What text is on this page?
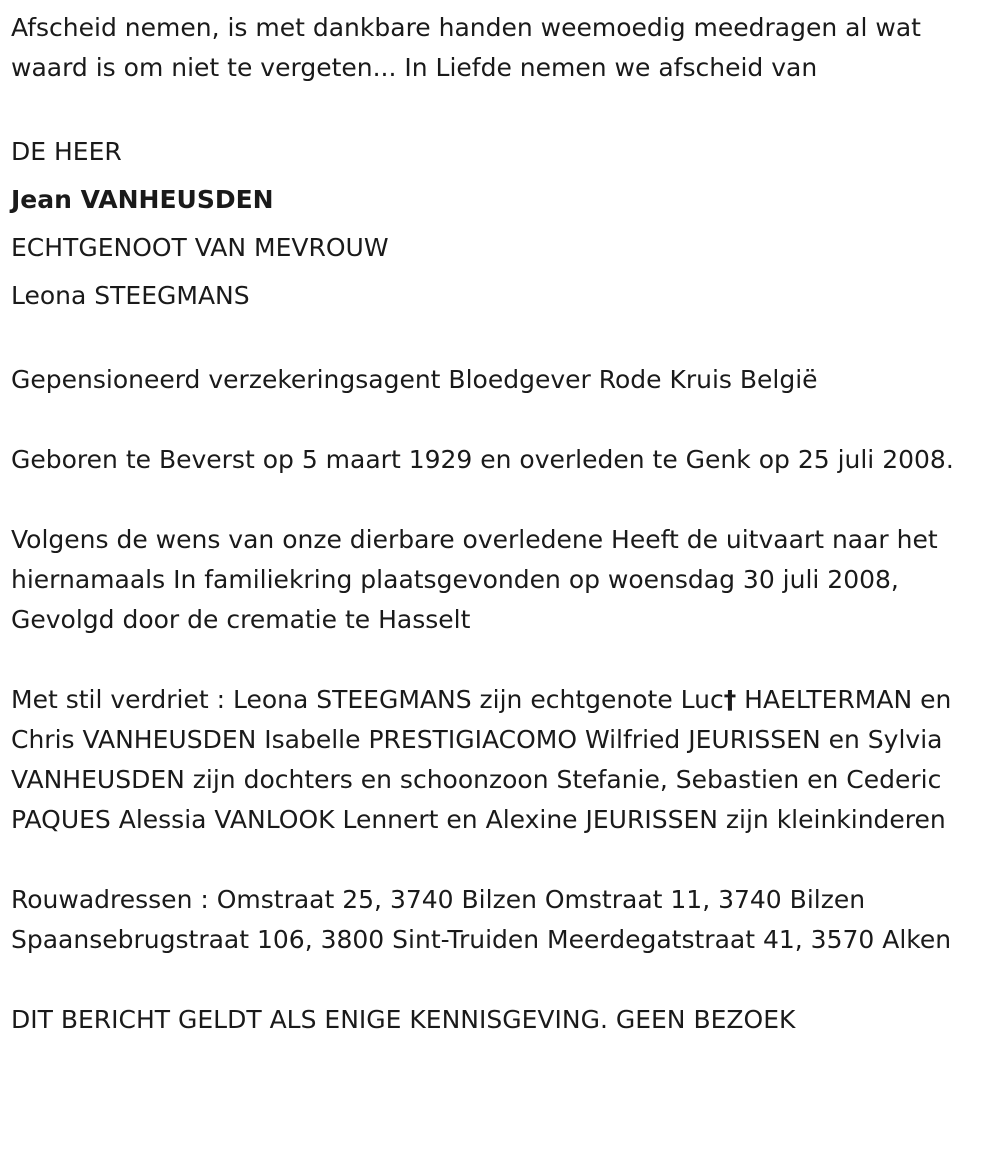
Afscheid nemen, is met dankbare handen weemoedig meedragen al wat waard is om niet te vergeten... In Liefde nemen we afscheid van

DE HEER

Jean VANHEUSDEN

ECHTGENOOT VAN MEVROUW

Leona STEEGMANS

Gepensioneerd verzekeringsagent Bloedgever Rode Kruis België

Geboren te Beverst op 5 maart 1929 en overleden te Genk op 25 juli 2008.

Volgens de wens van onze dierbare overledene Heeft de uitvaart naar het hiernamaals In familiekring plaatsgevonden op woensdag 30 juli 2008, Gevolgd door de crematie te Hasselt

Met stil verdriet : Leona STEEGMANS zijn echtgenote Luc† HAELTERMAN en Chris VANHEUSDEN Isabelle PRESTIGIACOMO Wilfried JEURISSEN en Sylvia VANHEUSDEN zijn dochters en schoonzoon Stefanie, Sebastien en Cederic PAQUES Alessia VANLOOK Lennert en Alexine JEURISSEN zijn kleinkinderen

Rouwadressen : Omstraat 25, 3740 Bilzen Omstraat 11, 3740 Bilzen Spaansebrugstraat 106, 3800 Sint-Truiden Meerdegatstraat 41, 3570 Alken

DIT BERICHT GELDT ALS ENIGE KENNISGEVING. GEEN BEZOEK
